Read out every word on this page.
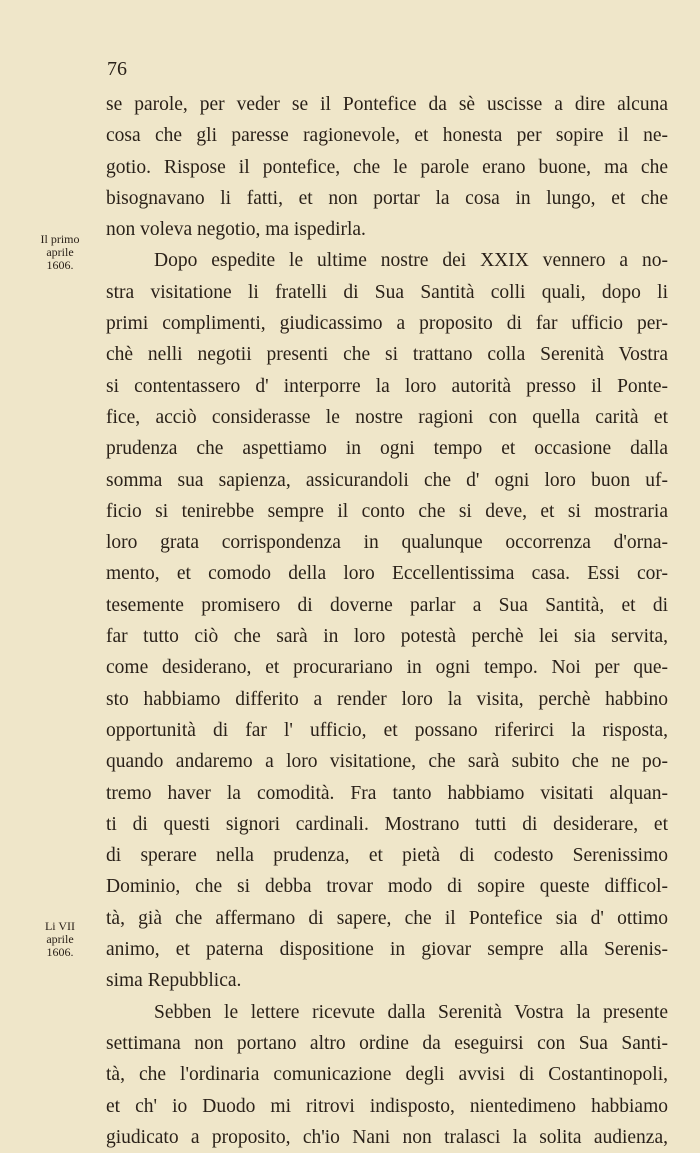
76
Il primo
aprile
1606.
Li VII
aprile
1606.
se parole, per veder se il Pontefice da sè uscisse a dire alcuna
cosa che gli paresse ragionevole, et honesta per sopire il ne-
gotio. Rispose il pontefice, che le parole erano buone, ma che
bisognavano li fatti, et non portar la cosa in lungo, et che
non voleva negotio, ma ispedirla.
Dopo espedite le ultime nostre dei XXIX vennero a no-
stra visitatione li fratelli di Sua Santità colli quali, dopo li
primi complimenti, giudicassimo a proposito di far ufficio per-
chè nelli negotii presenti che si trattano colla Serenità Vostra
si contentassero d' interporre la loro autorità presso il Ponte-
fice, acciò considerasse le nostre ragioni con quella carità et
prudenza che aspettiamo in ogni tempo et occasione dalla
somma sua sapienza, assicurandoli che d' ogni loro buon uf-
ficio si tenirebbe sempre il conto che si deve, et si mostraria
loro grata corrispondenza in qualunque occorrenza d'orna-
mento, et comodo della loro Eccellentissima casa. Essi cor-
tesemente promisero di doverne parlar a Sua Santità, et di
far tutto ciò che sarà in loro potestà perchè lei sia servita,
come desiderano, et procurariano in ogni tempo. Noi per que-
sto habbiamo differito a render loro la visita, perchè habbino
opportunità di far l' ufficio, et possano riferirci la risposta,
quando andaremo a loro visitatione, che sarà subito che ne po-
tremo haver la comodità. Fra tanto habbiamo visitati alquan-
ti di questi signori cardinali. Mostrano tutti di desiderare, et
di sperare nella prudenza, et pietà di codesto Serenissimo
Dominio, che si debba trovar modo di sopire queste difficol-
tà, già che affermano di sapere, che il Pontefice sia d' ottimo
animo, et paterna dispositione in giovar sempre alla Serenis-
sima Repubblica.
Sebben le lettere ricevute dalla Serenità Vostra la presente
settimana non portano altro ordine da eseguirsi con Sua Santi-
tà, che l'ordinaria comunicazione degli avvisi di Costantinopoli,
et ch' io Duodo mi ritrovi indisposto, nientedimeno habbiamo
giudicato a proposito, ch'io Nani non tralasci la solita audienza,
